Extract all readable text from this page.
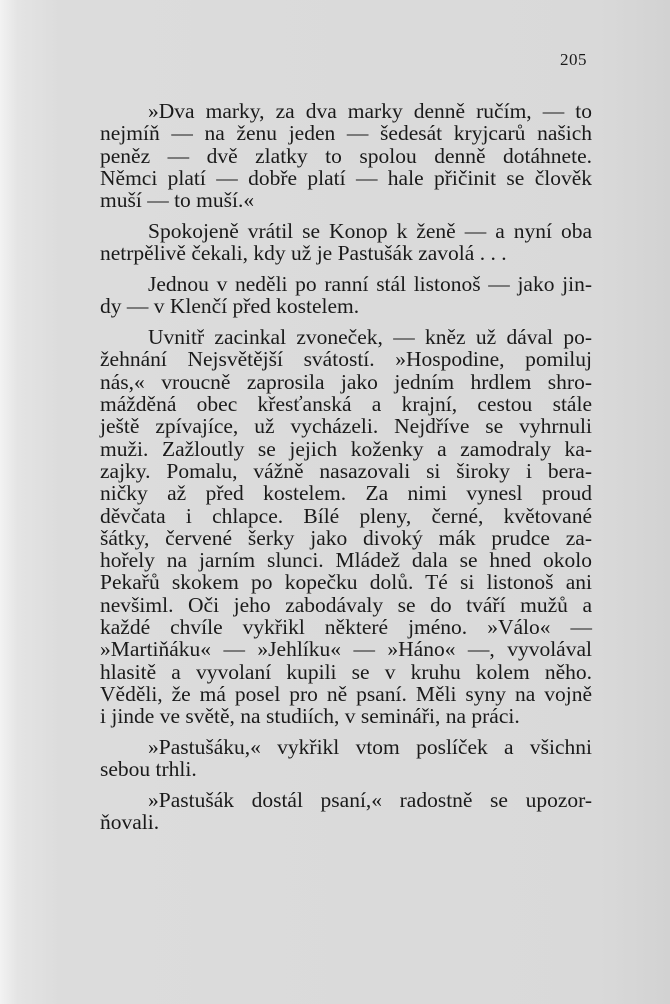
205
»Dva marky, za dva marky denně ručím, — to
nejmíň — na ženu jeden — šedesát kryjcarů našich
peněz — dvě zlatky to spolou denně dotáhnete.
Němci platí — dobře platí — hale přičinit se člověk
muší — to muší.«
Spokojeně vrátil se Konop k ženě — a nyní oba
netrpělivě čekali, kdy už je Pastušák zavolá . . .
Jednou v neděli po ranní stál listonoš — jako jin-
dy — v Klenčí před kostelem.
Uvnitř zacinkal zvoneček, — kněz už dával po-
žehnání Nejsvětější svátostí. »Hospodine, pomiluj
nás,« vroucně zaprosila jako jedním hrdlem shro-
mážděná obec křesťanská a krajní, cestou stále
ještě zpívajíce, už vycházeli. Nejdříve se vyhrnuli
muži. Zažloutly se jejich koženky a zamodraly ka-
zajky. Pomalu, vážně nasazovali si široky i bera-
ničky až před kostelem. Za nimi vynesl proud
děvčata i chlapce. Bílé pleny, černé, květované
šátky, červené šerky jako divoký mák prudce za-
hořely na jarním slunci. Mládež dala se hned okolo
Pekařů skokem po kopečku dolů. Té si listonoš ani
nevšiml. Oči jeho zabodávaly se do tváří mužů a
každé chvíle vykřikl některé jméno. »Válo« —
»Martiňáku« — »Jehlíku« — »Háno« —, vyvolával
hlasitě a vyvolaní kupili se v kruhu kolem něho.
Věděli, že má posel pro ně psaní. Měli syny na vojně
i jinde ve světě, na studiích, v semináři, na práci.
»Pastušáku,« vykřikl vtom poslíček a všichni
sebou trhli.
»Pastušák dostál psaní,« radostně se upozor-
ňovali.
